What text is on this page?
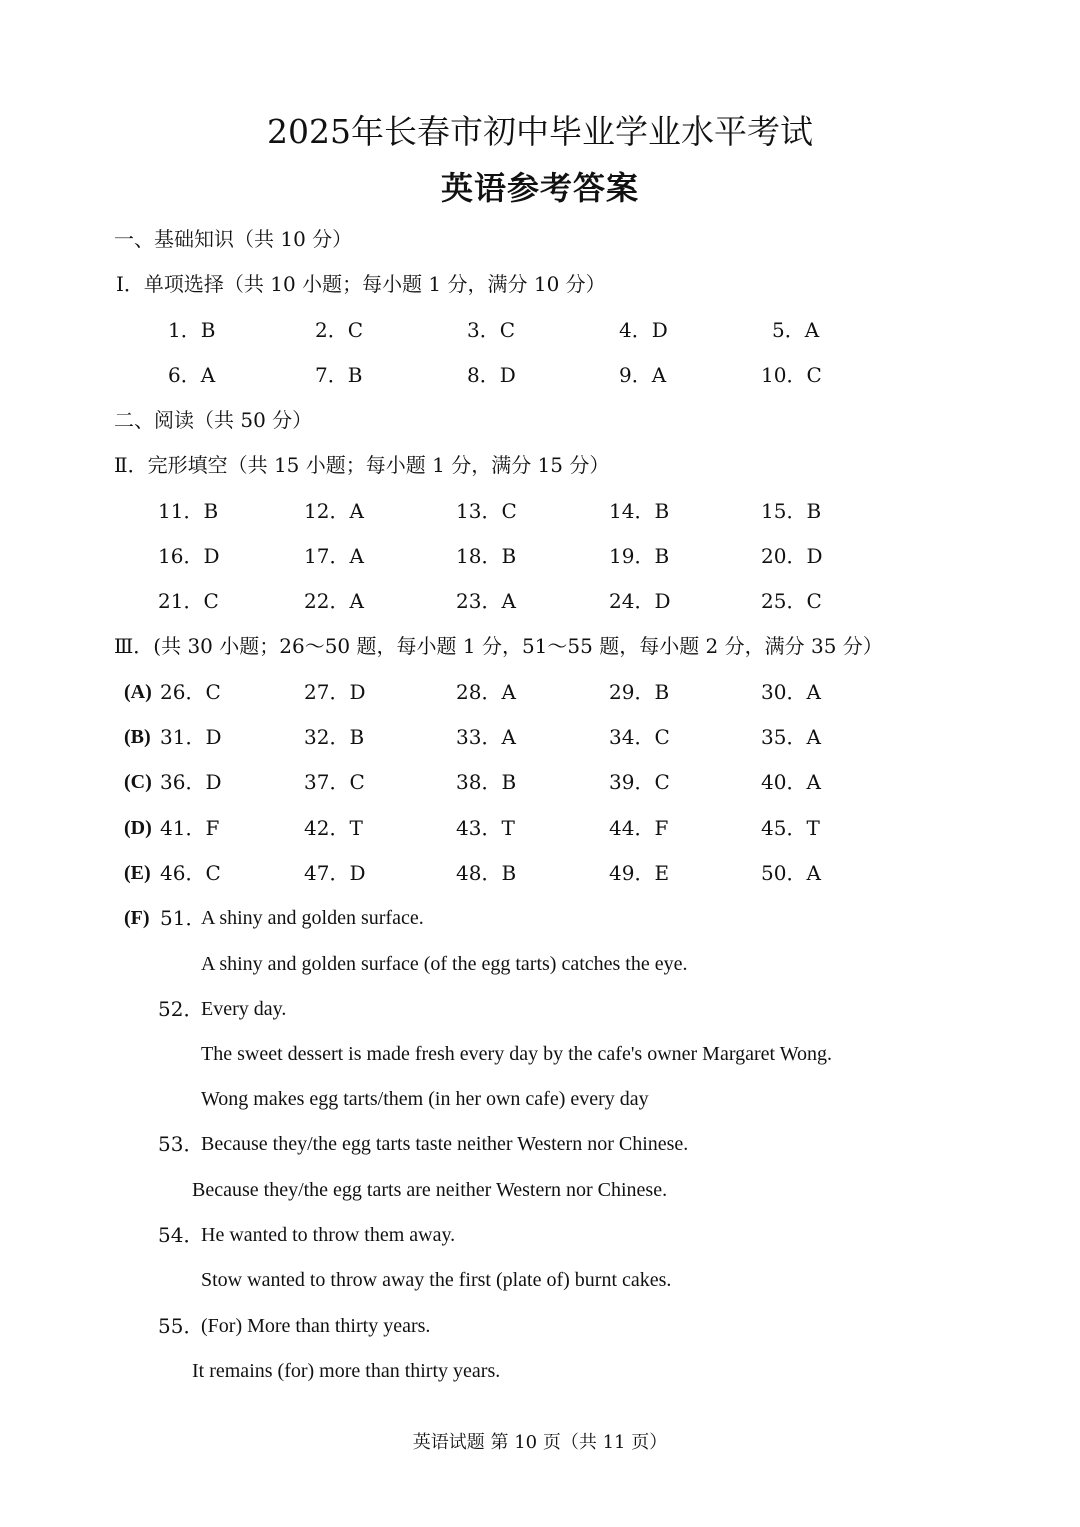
2025年长春市初中毕业学业水平考试
英语参考答案
一、基础知识（共 10 分）
Ⅰ．单项选择（共 10 小题；每小题 1 分，满分 10 分）
1．B	2．C	3．C	4．D	5．A
6．A	7．B	8．D	9．A	10．C
二、阅读（共 50 分）
Ⅱ．完形填空（共 15 小题；每小题 1 分，满分 15 分）
11．B	12．A	13．C	14．B	15．B
16．D	17．A	18．B	19．B	20．D
21．C	22．A	23．A	24．D	25．C
Ⅲ．(共 30 小题；26～50 题，每小题 1 分，51～55 题，每小题 2 分，满分 35 分）
(A) 26．C	27．D	28．A	29．B	30．A
(B) 31．D	32．B	33．A	34．C	35．A
(C) 36．D	37．C	38．B	39．C	40．A
(D) 41．F	42．T	43．T	44．F	45．T
(E) 46．C	47．D	48．B	49．E	50．A
(F) 51．
A shiny and golden surface.
A shiny and golden surface (of the egg tarts) catches the eye.
52．
Every day.
The sweet dessert is made fresh every day by the cafe's owner Margaret Wong.
Wong makes egg tarts/them (in her own cafe) every day
53．
Because they/the egg tarts taste neither Western nor Chinese.
Because they/the egg tarts are neither Western nor Chinese.
54．
He wanted to throw them away.
Stow wanted to throw away the first (plate of) burnt cakes.
55．
(For) More than thirty years.
It remains (for) more than thirty years.
英语试题 第 10 页（共 11 页）
